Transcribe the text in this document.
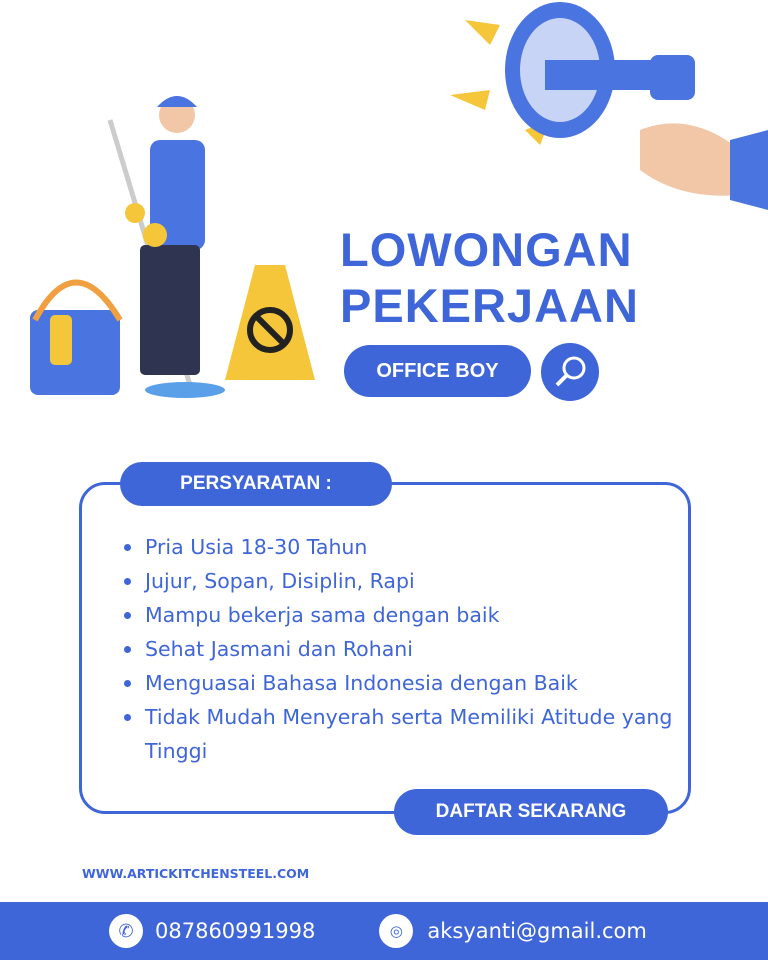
LOWONGAN
PEKERJAAN
OFFICE BOY
PERSYARATAN :
Pria Usia 18-30 Tahun
Jujur, Sopan, Disiplin, Rapi
Mampu bekerja sama dengan baik
Sehat Jasmani dan Rohani
Menguasai Bahasa Indonesia dengan Baik
Tidak Mudah Menyerah serta Memiliki Atitude yang Tinggi
DAFTAR SEKARANG
WWW.ARTICKITCHENSTEEL.COM
✆ 087860991998	◎ aksyanti@gmail.com
